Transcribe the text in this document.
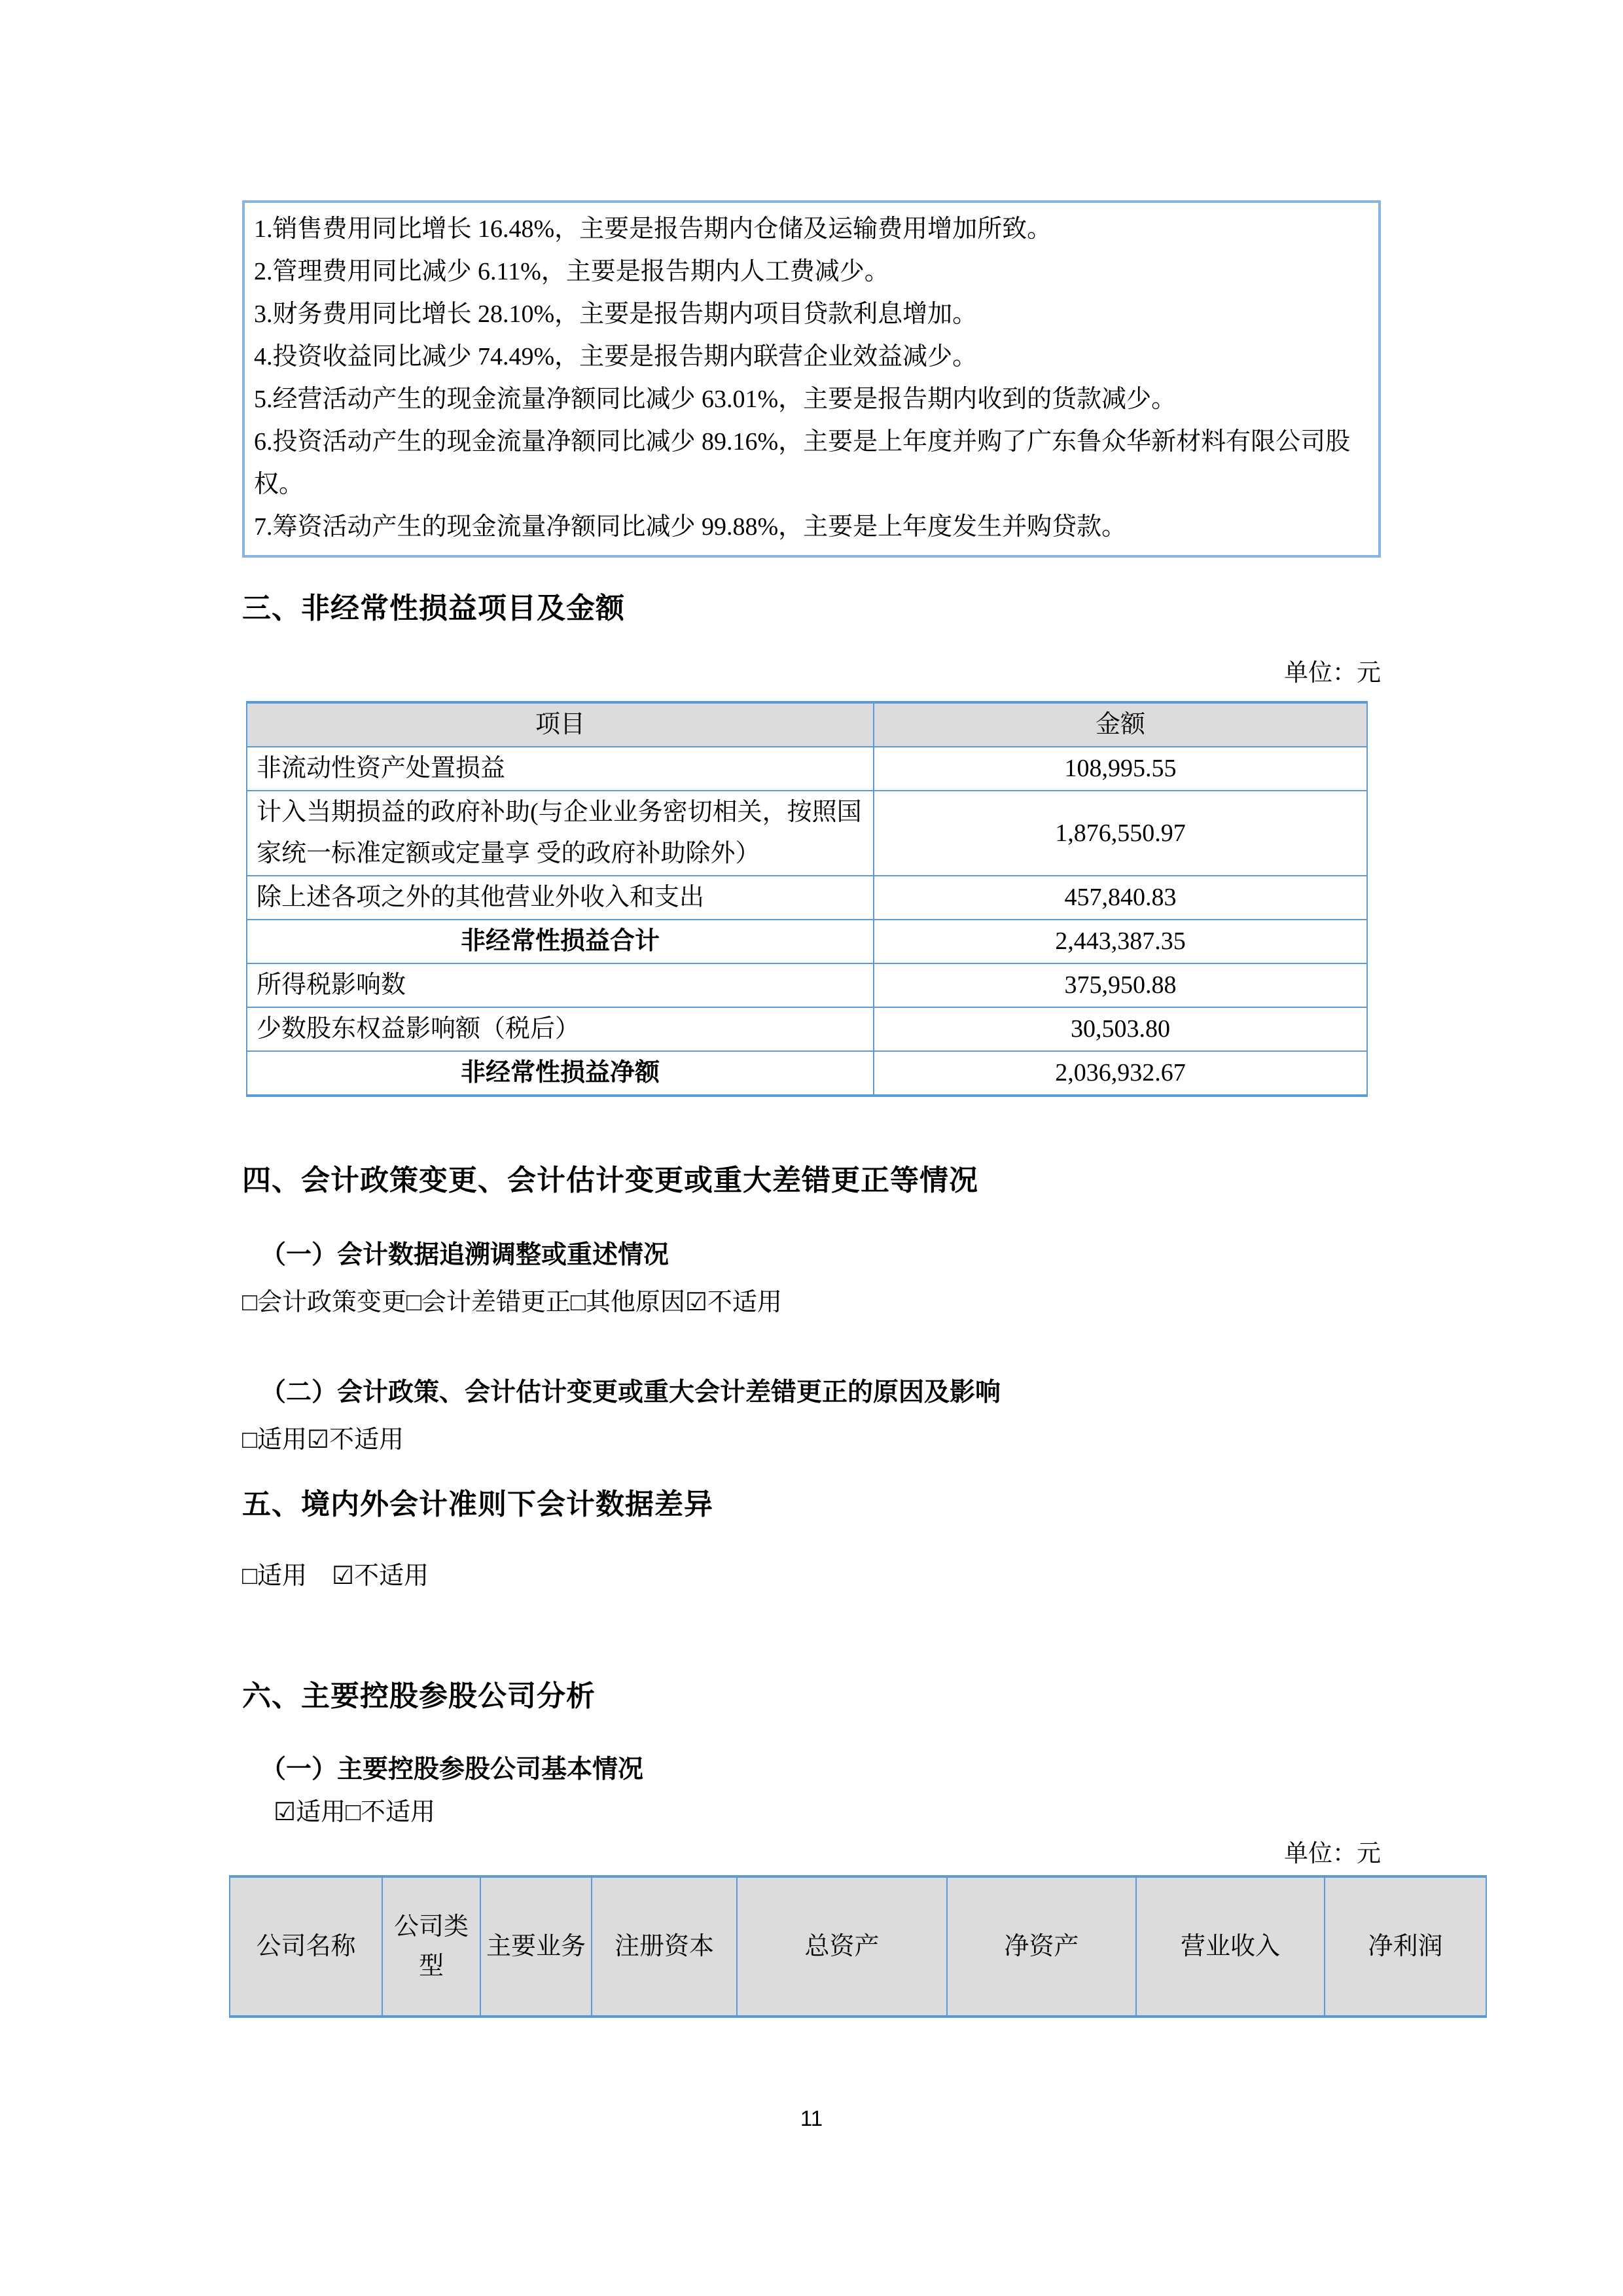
1.销售费用同比增长 16.48%，主要是报告期内仓储及运输费用增加所致。

2.管理费用同比减少 6.11%，主要是报告期内人工费减少。

3.财务费用同比增长 28.10%，主要是报告期内项目贷款利息增加。

4.投资收益同比减少 74.49%，主要是报告期内联营企业效益减少。

5.经营活动产生的现金流量净额同比减少 63.01%，主要是报告期内收到的货款减少。

6.投资活动产生的现金流量净额同比减少 89.16%，主要是上年度并购了广东鲁众华新材料有限公司股权。

7.筹资活动产生的现金流量净额同比减少 99.88%，主要是上年度发生并购贷款。

三、非经常性损益项目及金额

单位：元

项目	金额
非流动性资产处置损益	108,995.55
计入当期损益的政府补助(与企业业务密切相关，按照国家统一标准定额或定量享 受的政府补助除外）	1,876,550.97
除上述各项之外的其他营业外收入和支出	457,840.83
非经常性损益合计	2,443,387.35
所得税影响数	375,950.88
少数股东权益影响额（税后）	30,503.80
非经常性损益净额	2,036,932.67
四、会计政策变更、会计估计变更或重大差错更正等情况

（一）会计数据追溯调整或重述情况

□会计政策变更□会计差错更正□其他原因☑不适用

（二）会计政策、会计估计变更或重大会计差错更正的原因及影响

□适用☑不适用

五、境内外会计准则下会计数据差异

□适用　☑不适用

六、主要控股参股公司分析

（一）主要控股参股公司基本情况

☑适用□不适用

单位：元

公司名称	公司类型	主要业务	注册资本	总资产	净资产	营业收入	净利润
11
